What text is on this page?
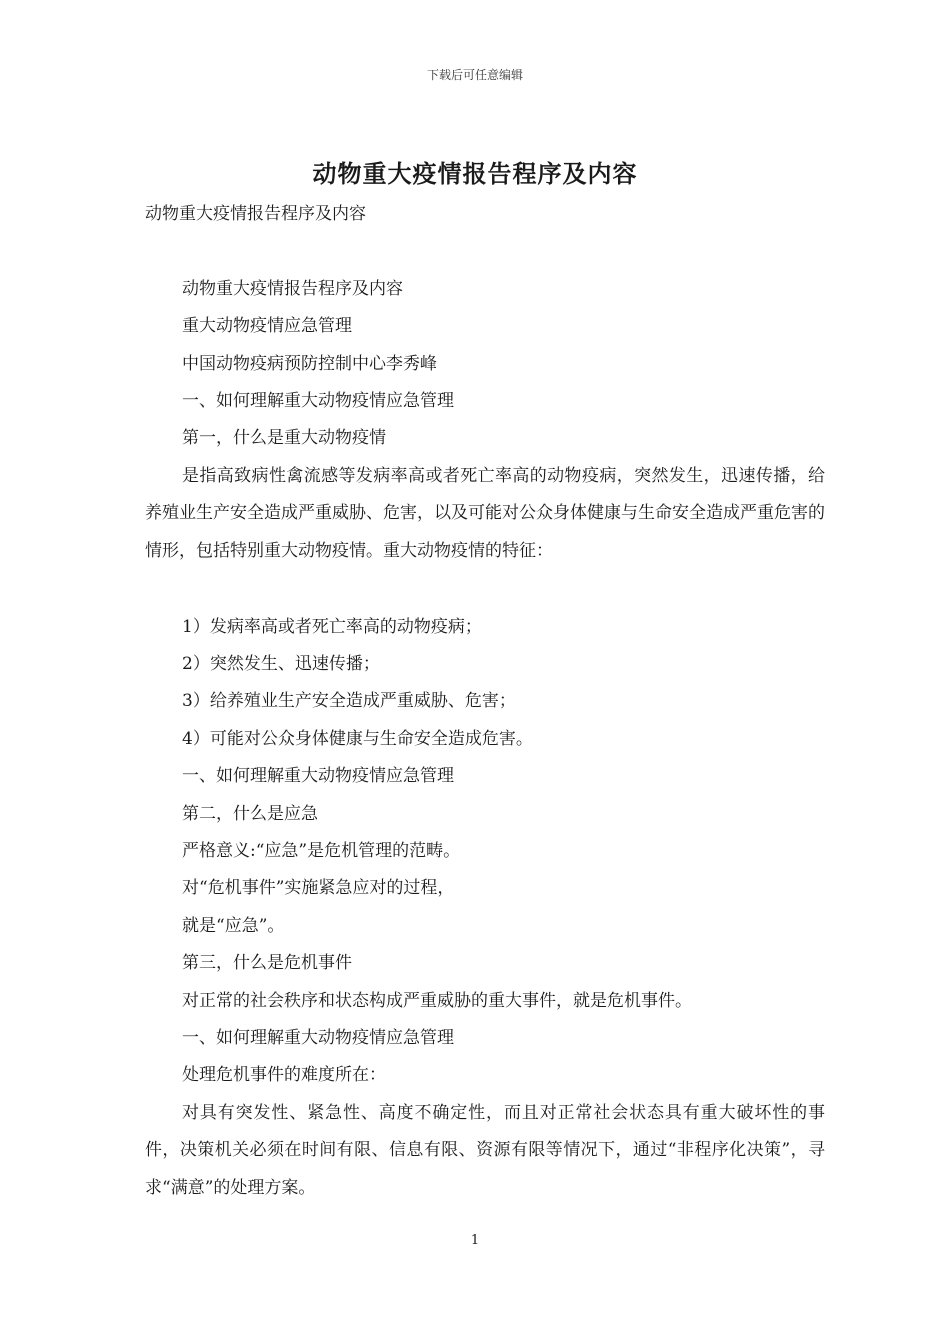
下载后可任意编辑
动物重大疫情报告程序及内容

动物重大疫情报告程序及内容

动物重大疫情报告程序及内容

重大动物疫情应急管理

中国动物疫病预防控制中心李秀峰

一、如何理解重大动物疫情应急管理

第一，什么是重大动物疫情

是指高致病性禽流感等发病率高或者死亡率高的动物疫病，突然发生，迅速传播，给养殖业生产安全造成严重威胁、危害，以及可能对公众身体健康与生命安全造成严重危害的情形，包括特别重大动物疫情。重大动物疫情的特征：

1）发病率高或者死亡率高的动物疫病；

2）突然发生、迅速传播；

3）给养殖业生产安全造成严重威胁、危害；

4）可能对公众身体健康与生命安全造成危害。

一、如何理解重大动物疫情应急管理

第二，什么是应急

严格意义:“应急”是危机管理的范畴。

对“危机事件”实施紧急应对的过程，

就是“应急”。

第三，什么是危机事件

对正常的社会秩序和状态构成严重威胁的重大事件，就是危机事件。

一、如何理解重大动物疫情应急管理

处理危机事件的难度所在：

对具有突发性、紧急性、高度不确定性，而且对正常社会状态具有重大破坏性的事件，决策机关必须在时间有限、信息有限、资源有限等情况下，通过“非程序化决策”，寻求“满意”的处理方案。

1
